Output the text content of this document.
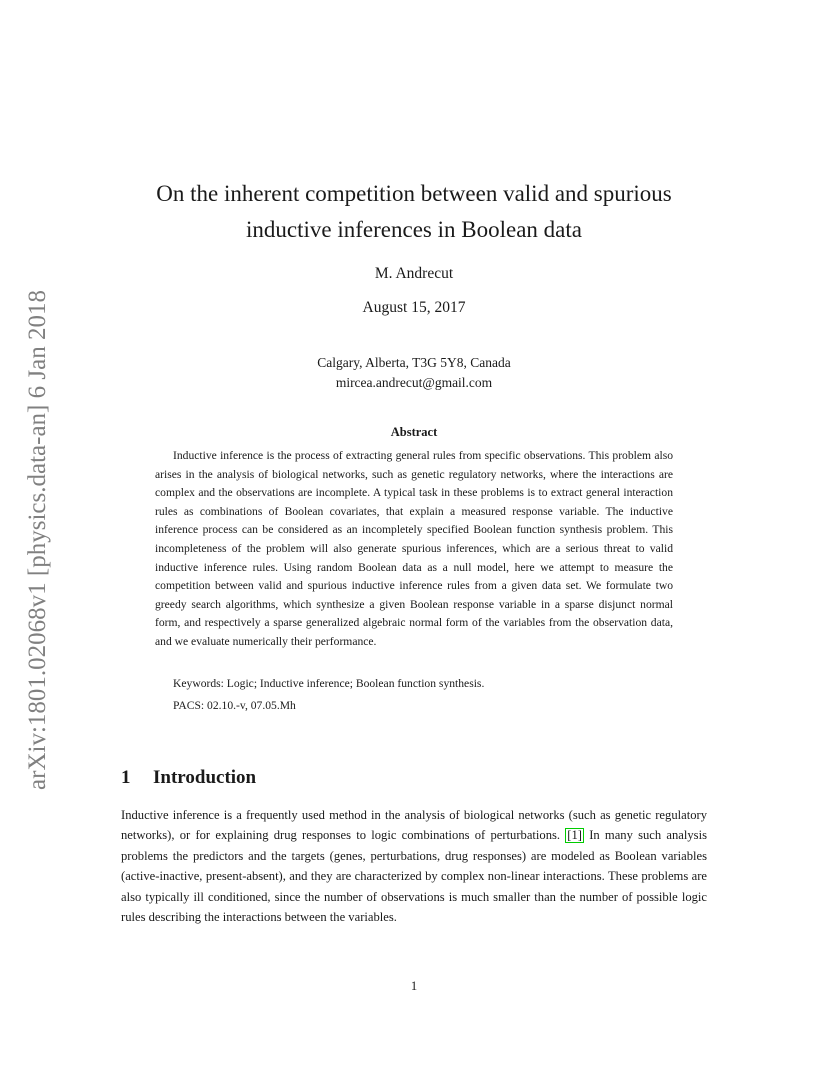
arXiv:1801.02068v1 [physics.data-an] 6 Jan 2018
On the inherent competition between valid and spurious
inductive inferences in Boolean data
M. Andrecut
August 15, 2017
Calgary, Alberta, T3G 5Y8, Canada
mircea.andrecut@gmail.com
Abstract

Inductive inference is the process of extracting general rules from specific observations. This problem also arises in the analysis of biological networks, such as genetic regulatory networks, where the interactions are complex and the observations are incomplete. A typical task in these problems is to extract general interaction rules as combinations of Boolean covariates, that explain a measured response variable. The inductive inference process can be considered as an incompletely specified Boolean function synthesis problem. This incompleteness of the problem will also generate spurious inferences, which are a serious threat to valid inductive inference rules. Using random Boolean data as a null model, here we attempt to measure the competition between valid and spurious inductive inference rules from a given data set. We formulate two greedy search algorithms, which synthesize a given Boolean response variable in a sparse disjunct normal form, and respectively a sparse generalized algebraic normal form of the variables from the observation data, and we evaluate numerically their performance.

Keywords: Logic; Inductive inference; Boolean function synthesis.
PACS: 02.10.-v, 07.05.Mh
1 Introduction

Inductive inference is a frequently used method in the analysis of biological networks (such as genetic regulatory networks), or for explaining drug responses to logic combinations of perturbations. [1] In many such analysis problems the predictors and the targets (genes, perturbations, drug responses) are modeled as Boolean variables (active-inactive, present-absent), and they are characterized by complex non-linear interactions. These problems are also typically ill conditioned, since the number of observations is much smaller than the number of possible logic rules describing the interactions between the variables.

1
